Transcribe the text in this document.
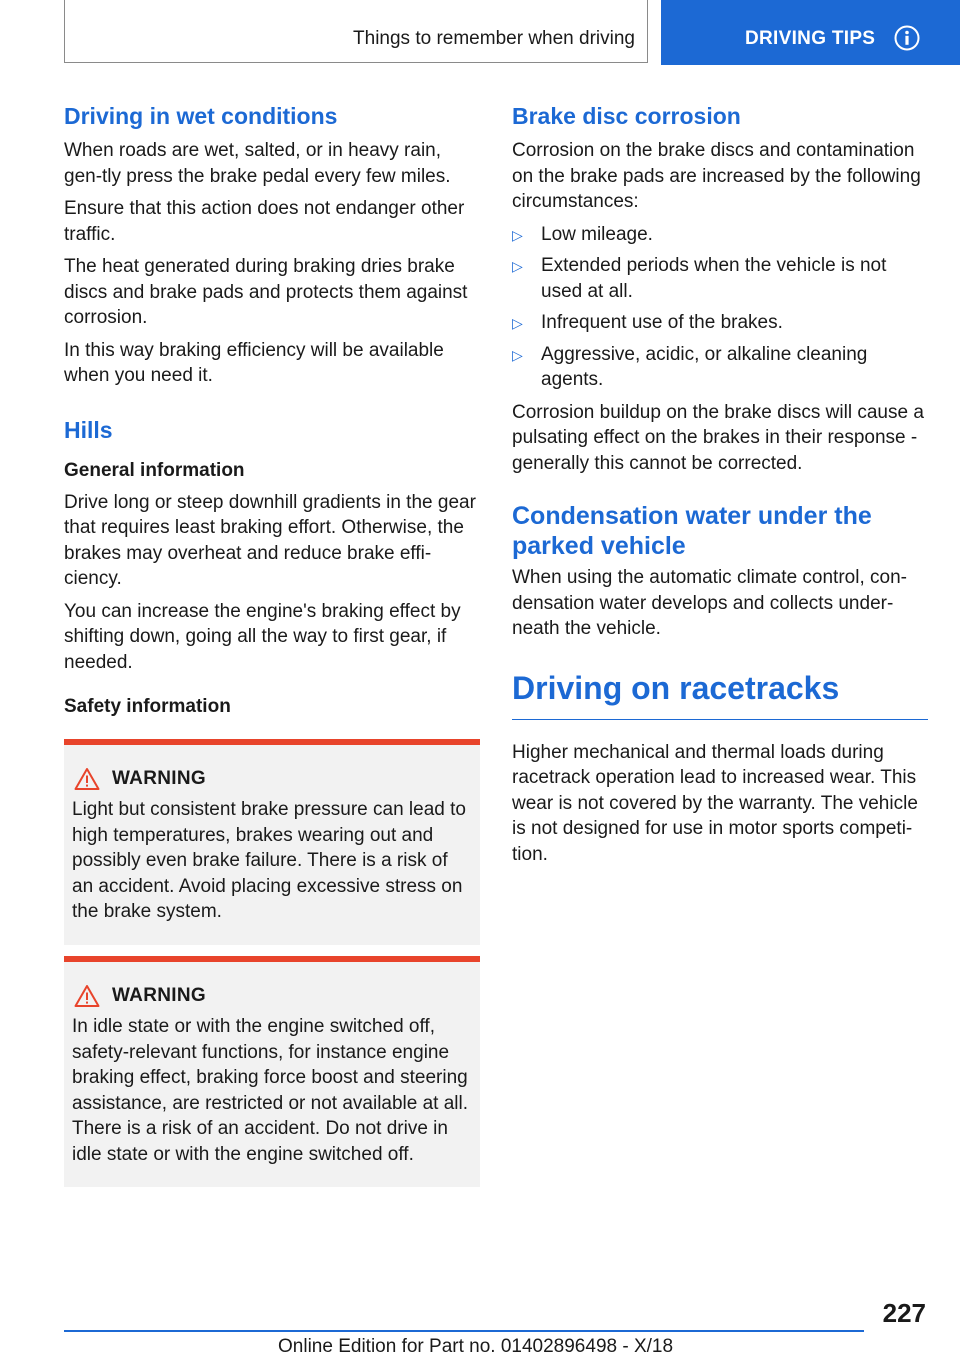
Things to remember when driving	DRIVING TIPS
Driving in wet conditions

When roads are wet, salted, or in heavy rain, gen-tly press the brake pedal every few miles.

Ensure that this action does not endanger other traffic.

The heat generated during braking dries brake discs and brake pads and protects them against corrosion.

In this way braking efficiency will be available when you need it.

Hills
General information

Drive long or steep downhill gradients in the gear that requires least braking effort. Otherwise, the brakes may overheat and reduce brake effi-ciency.

You can increase the engine's braking effect by shifting down, going all the way to first gear, if needed.

Safety information
WARNING

Light but consistent brake pressure can lead to high temperatures, brakes wearing out and possibly even brake failure. There is a risk of an accident. Avoid placing excessive stress on the brake system.

WARNING

In idle state or with the engine switched off, safety-relevant functions, for instance engine braking effect, braking force boost and steering assistance, are restricted or not available at all. There is a risk of an accident. Do not drive in idle state or with the engine switched off.

Brake disc corrosion

Corrosion on the brake discs and contamination on the brake pads are increased by the following circumstances:

▷ Low mileage.
▷ Extended periods when the vehicle is not used at all.
▷ Infrequent use of the brakes.
▷ Aggressive, acidic, or alkaline cleaning agents.

Corrosion buildup on the brake discs will cause a pulsating effect on the brakes in their response - generally this cannot be corrected.

Condensation water under the parked vehicle

When using the automatic climate control, con-densation water develops and collects under-neath the vehicle.

Driving on racetracks

Higher mechanical and thermal loads during racetrack operation lead to increased wear. This wear is not covered by the warranty. The vehicle is not designed for use in motor sports competi-tion.

227
Online Edition for Part no. 01402896498 - X/18
